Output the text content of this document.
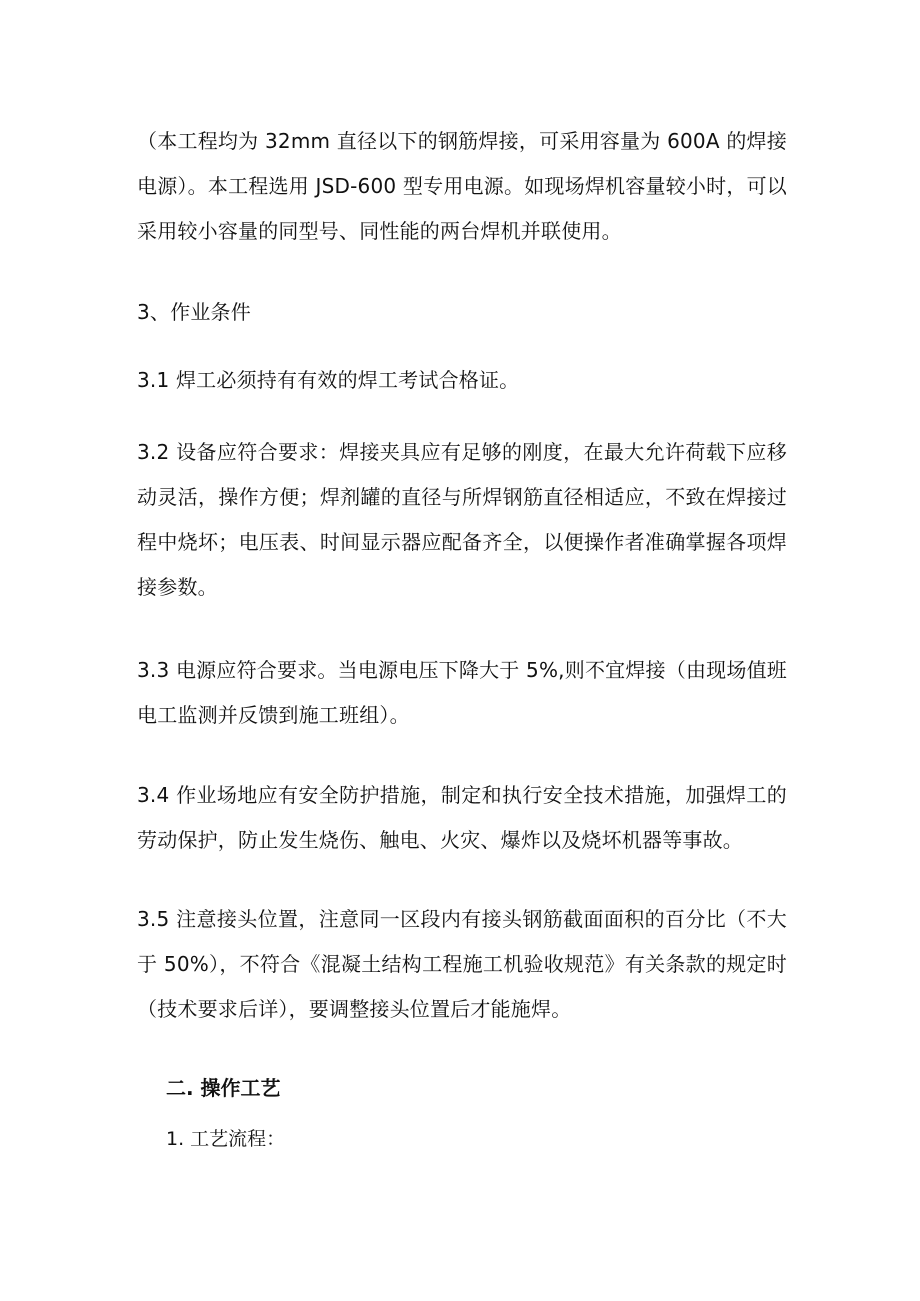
（本工程均为 32mm 直径以下的钢筋焊接，可采用容量为 600A 的焊接电源）。本工程选用 JSD-600 型专用电源。如现场焊机容量较小时，可以采用较小容量的同型号、同性能的两台焊机并联使用。

3、作业条件

3.1 焊工必须持有有效的焊工考试合格证。

3.2 设备应符合要求：焊接夹具应有足够的刚度，在最大允许荷载下应移动灵活，操作方便；焊剂罐的直径与所焊钢筋直径相适应，不致在焊接过程中烧坏；电压表、时间显示器应配备齐全，以便操作者准确掌握各项焊接参数。

3.3 电源应符合要求。当电源电压下降大于 5%,则不宜焊接（由现场值班电工监测并反馈到施工班组）。

3.4 作业场地应有安全防护措施，制定和执行安全技术措施，加强焊工的劳动保护，防止发生烧伤、触电、火灾、爆炸以及烧坏机器等事故。

3.5 注意接头位置，注意同一区段内有接头钢筋截面面积的百分比（不大于 50%），不符合《混凝土结构工程施工机验收规范》有关条款的规定时（技术要求后详），要调整接头位置后才能施焊。

二. 操作工艺
1. 工艺流程：
